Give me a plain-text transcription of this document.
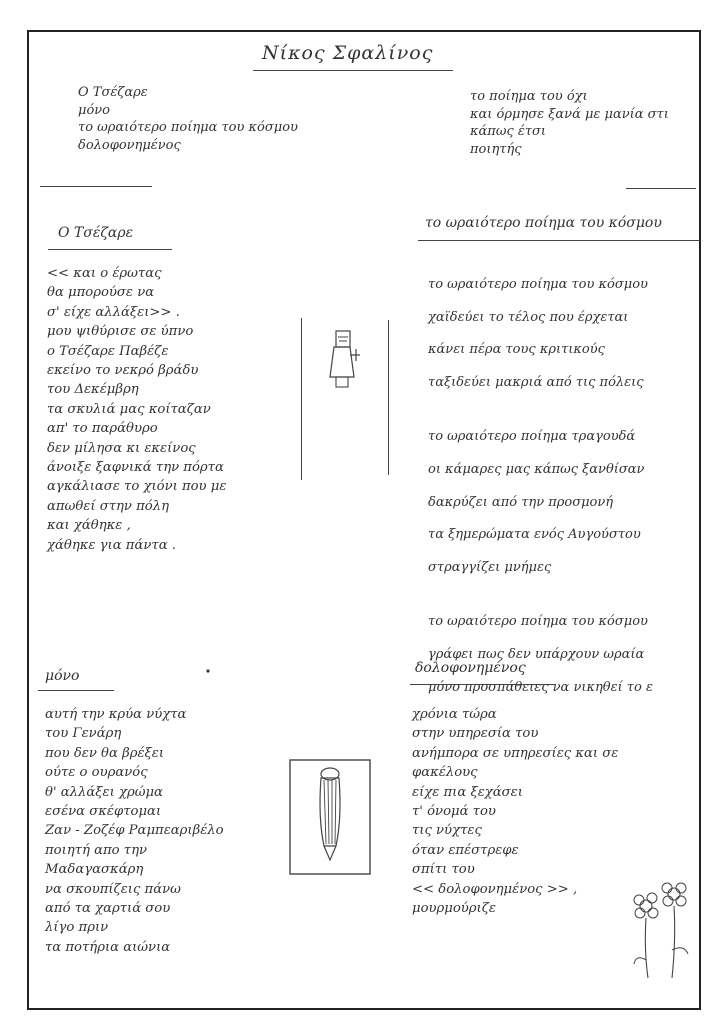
Νίκος Σφαλίνος

Ο Τσέζαρε

μόνο

το ωραιότερο ποίημα του κόσμου

δολοφονημένος

το ποίημα του όχι

και όρμησε ξανά με μανία στι

κάπως έτσι

ποιητής

Ο Τσέζαρε

<< και ο έρωτας

θα μπορούσε να

σ' είχε αλλάξει>> .

μου ψιθύρισε σε ύπνο

ο Τσέζαρε Παβέζε

εκείνο το νεκρό βράδυ

του Δεκέμβρη

τα σκυλιά μας κοίταζαν

απ' το παράθυρο

δεν μίλησα κι εκείνος

άνοιξε ξαφνικά την πόρτα

αγκάλιασε το χιόνι που με

απωθεί στην πόλη

και χάθηκε ,

χάθηκε για πάντα .

το ωραιότερο ποίημα του κόσμου

το ωραιότερο ποίημα του κόσμου

χαϊδεύει το τέλος που έρχεται

κάνει πέρα τους κριτικούς

ταξιδεύει μακριά από τις πόλεις

το ωραιότερο ποίημα τραγουδά

οι κάμαρες μας κάπως ξανθίσαν

δακρύζει από την προσμονή

τα ξημερώματα ενός Αυγούστου

στραγγίζει μνήμες

το ωραιότερο ποίημα του κόσμου

γράφει πως δεν υπάρχουν ωραία

μόνο προσπάθειες να νικηθεί το ε

μόνο

αυτή την κρύα νύχτα

του Γενάρη

που δεν θα βρέξει

ούτε ο ουρανός

θ' αλλάξει χρώμα

εσένα σκέφτομαι

Ζαν - Ζοζέφ Ραμπεαριβέλο

ποιητή απο την

Μαδαγασκάρη

να σκουπίζεις πάνω

από τα χαρτιά σου

λίγο πριν

τα ποτήρια αιώνια

δολοφονημένος

χρόνια τώρα

στην υπηρεσία του

ανήμπορα σε υπηρεσίες και σε

φακέλους

είχε πια ξεχάσει

τ' όνομά του

τις νύχτες

όταν επέστρεφε

σπίτι του

<< δολοφονημένος >> ,

μουρμούριζε
